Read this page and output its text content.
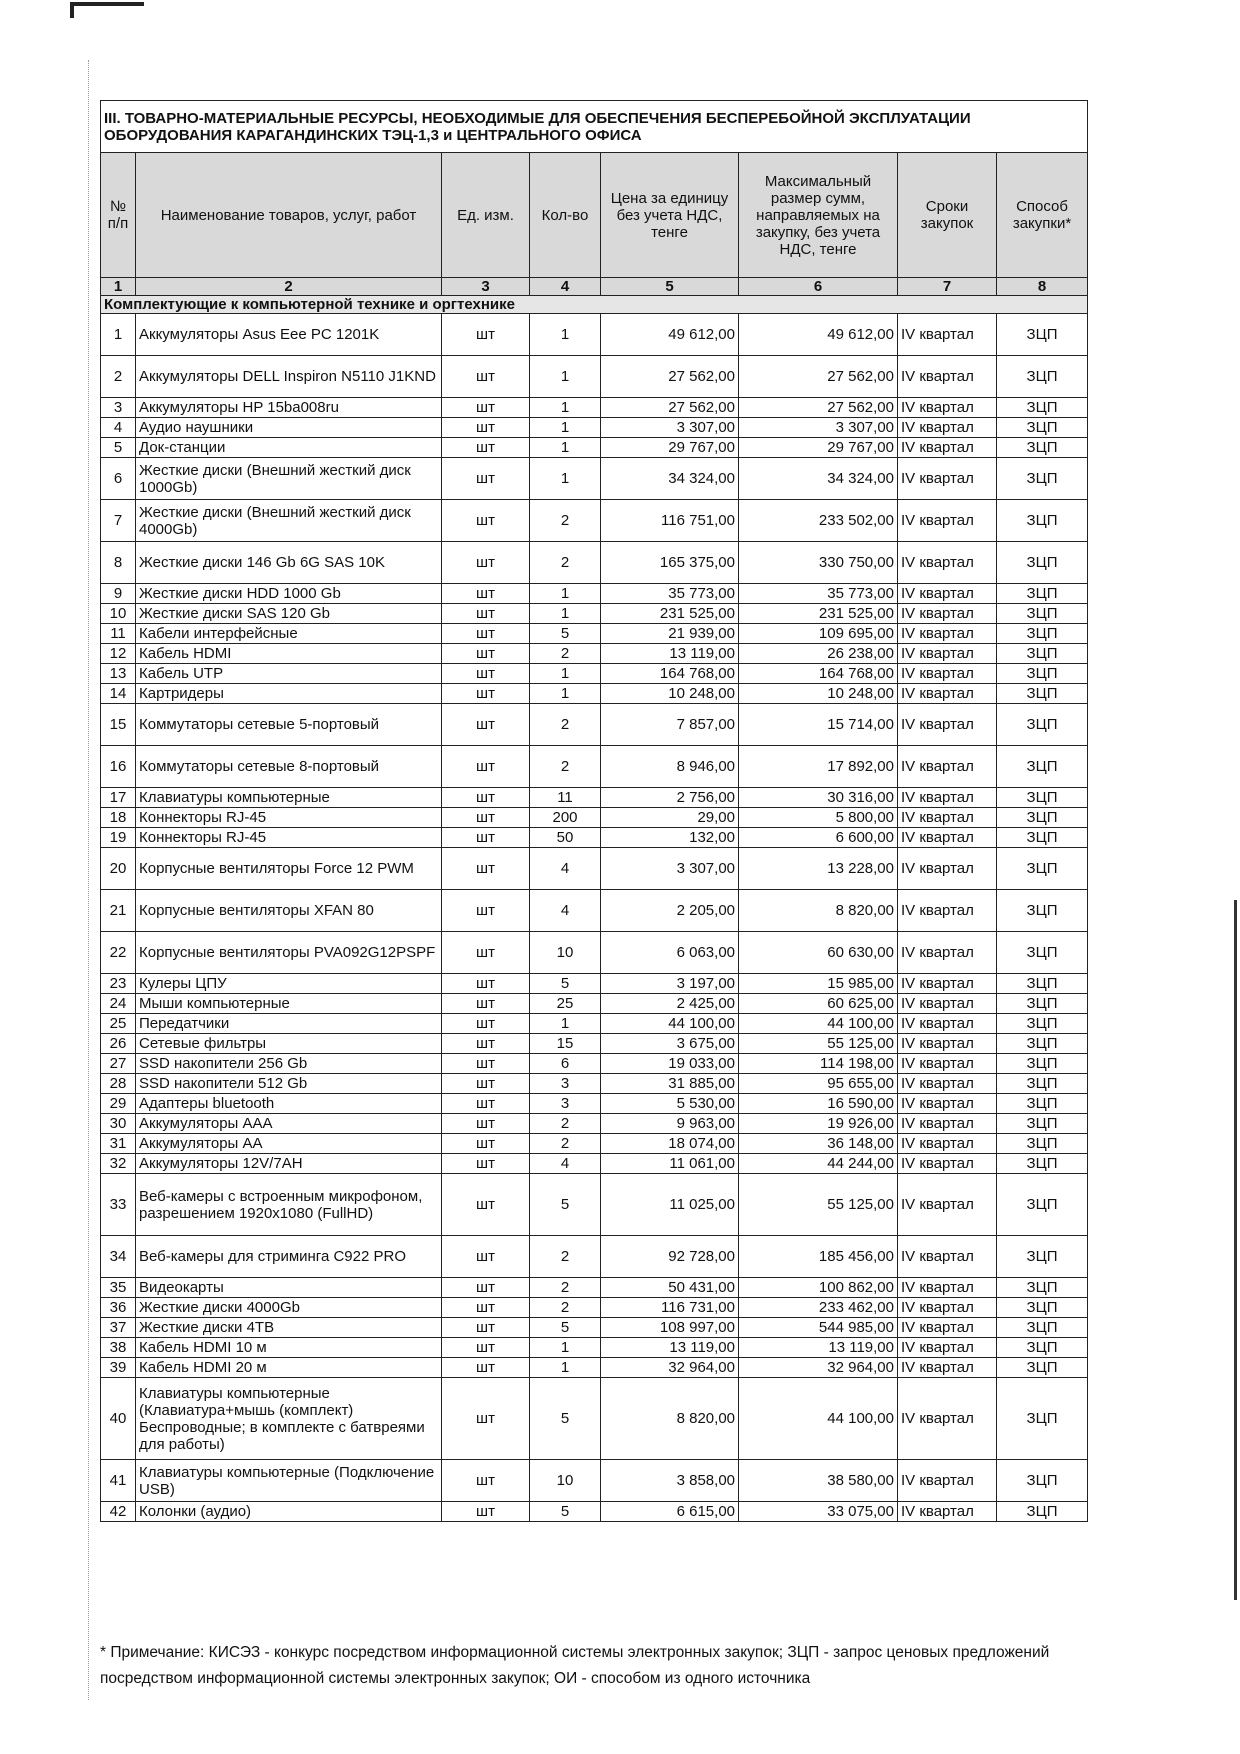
III. ТОВАРНО-МАТЕРИАЛЬНЫЕ РЕСУРСЫ, НЕОБХОДИМЫЕ ДЛЯ ОБЕСПЕЧЕНИЯ БЕСПЕРЕБОЙНОЙ ЭКСПЛУАТАЦИИ ОБОРУДОВАНИЯ КАРАГАНДИНСКИХ ТЭЦ-1,3 и ЦЕНТРАЛЬНОГО ОФИСА							
№ п/п	Наименование товаров, услуг, работ	Ед. изм.	Кол-во	Цена за единицу без учета НДС, тенге	Максимальный размер сумм, направляемых на закупку, без учета НДС, тенге	Сроки закупок	Способ закупки*
1	2	3	4	5	6	7	8
Комплектующие к компьютерной технике и оргтехнике							
1	Аккумуляторы Asus Eee PC 1201K	шт	1	49 612,00	49 612,00	IV квартал	ЗЦП
2	Аккумуляторы DELL Inspiron N5110 J1KND	шт	1	27 562,00	27 562,00	IV квартал	ЗЦП
3	Аккумуляторы HP 15ba008ru	шт	1	27 562,00	27 562,00	IV квартал	ЗЦП
4	Аудио наушники	шт	1	3 307,00	3 307,00	IV квартал	ЗЦП
5	Док-станции	шт	1	29 767,00	29 767,00	IV квартал	ЗЦП
6	Жесткие диски (Внешний жесткий диск 1000Gb)	шт	1	34 324,00	34 324,00	IV квартал	ЗЦП
7	Жесткие диски (Внешний жесткий диск 4000Gb)	шт	2	116 751,00	233 502,00	IV квартал	ЗЦП
8	Жесткие диски 146 Gb 6G SAS 10K	шт	2	165 375,00	330 750,00	IV квартал	ЗЦП
9	Жесткие диски HDD 1000 Gb	шт	1	35 773,00	35 773,00	IV квартал	ЗЦП
10	Жесткие диски SAS 120 Gb	шт	1	231 525,00	231 525,00	IV квартал	ЗЦП
11	Кабели интерфейсные	шт	5	21 939,00	109 695,00	IV квартал	ЗЦП
12	Кабель HDMI	шт	2	13 119,00	26 238,00	IV квартал	ЗЦП
13	Кабель UTP	шт	1	164 768,00	164 768,00	IV квартал	ЗЦП
14	Картридеры	шт	1	10 248,00	10 248,00	IV квартал	ЗЦП
15	Коммутаторы сетевые 5-портовый	шт	2	7 857,00	15 714,00	IV квартал	ЗЦП
16	Коммутаторы сетевые 8-портовый	шт	2	8 946,00	17 892,00	IV квартал	ЗЦП
17	Клавиатуры компьютерные	шт	11	2 756,00	30 316,00	IV квартал	ЗЦП
18	Коннекторы RJ-45	шт	200	29,00	5 800,00	IV квартал	ЗЦП
19	Коннекторы RJ-45	шт	50	132,00	6 600,00	IV квартал	ЗЦП
20	Корпусные вентиляторы Force 12 PWM	шт	4	3 307,00	13 228,00	IV квартал	ЗЦП
21	Корпусные вентиляторы XFAN 80	шт	4	2 205,00	8 820,00	IV квартал	ЗЦП
22	Корпусные вентиляторы PVA092G12PSPF	шт	10	6 063,00	60 630,00	IV квартал	ЗЦП
23	Кулеры ЦПУ	шт	5	3 197,00	15 985,00	IV квартал	ЗЦП
24	Мыши компьютерные	шт	25	2 425,00	60 625,00	IV квартал	ЗЦП
25	Передатчики	шт	1	44 100,00	44 100,00	IV квартал	ЗЦП
26	Сетевые фильтры	шт	15	3 675,00	55 125,00	IV квартал	ЗЦП
27	SSD накопители 256 Gb	шт	6	19 033,00	114 198,00	IV квартал	ЗЦП
28	SSD накопители 512 Gb	шт	3	31 885,00	95 655,00	IV квартал	ЗЦП
29	Адаптеры bluetooth	шт	3	5 530,00	16 590,00	IV квартал	ЗЦП
30	Аккумуляторы ААА	шт	2	9 963,00	19 926,00	IV квартал	ЗЦП
31	Аккумуляторы АА	шт	2	18 074,00	36 148,00	IV квартал	ЗЦП
32	Аккумуляторы 12V/7AH	шт	4	11 061,00	44 244,00	IV квартал	ЗЦП
33	Веб-камеры с встроенным микрофоном, разрешением 1920х1080 (FullHD)	шт	5	11 025,00	55 125,00	IV квартал	ЗЦП
34	Веб-камеры для стриминга C922 PRO	шт	2	92 728,00	185 456,00	IV квартал	ЗЦП
35	Видеокарты	шт	2	50 431,00	100 862,00	IV квартал	ЗЦП
36	Жесткие диски 4000Gb	шт	2	116 731,00	233 462,00	IV квартал	ЗЦП
37	Жесткие диски 4TB	шт	5	108 997,00	544 985,00	IV квартал	ЗЦП
38	Кабель HDMI 10 м	шт	1	13 119,00	13 119,00	IV квартал	ЗЦП
39	Кабель HDMI 20 м	шт	1	32 964,00	32 964,00	IV квартал	ЗЦП
40	Клавиатуры компьютерные (Клавиатура+мышь (комплект) Беспроводные; в комплекте с батвреями для работы)	шт	5	8 820,00	44 100,00	IV квартал	ЗЦП
41	Клавиатуры компьютерные (Подключение USB)	шт	10	3 858,00	38 580,00	IV квартал	ЗЦП
42	Колонки (аудио)	шт	5	6 615,00	33 075,00	IV квартал	ЗЦП
* Примечание: КИСЭЗ - конкурс посредством информационной системы электронных закупок; ЗЦП - запрос ценовых предложений посредством информационной системы электронных закупок; ОИ - способом из одного источника
